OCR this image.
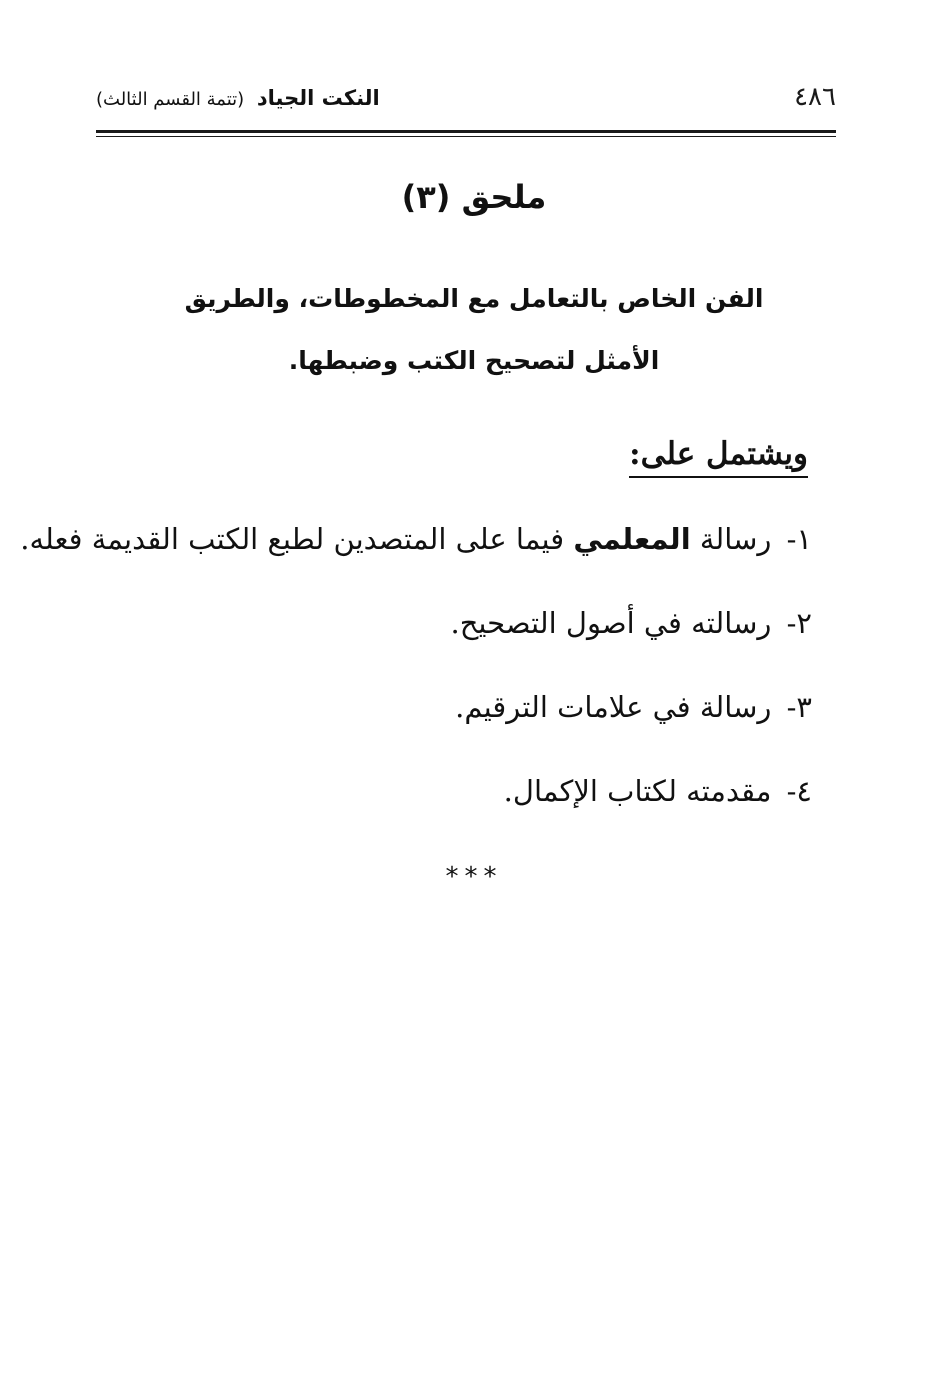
٤٨٦
النكت الجياد (تتمة القسم الثالث)
ملحق (٣)
الفن الخاص بالتعامل مع المخطوطات، والطريق الأمثل لتصحيح الكتب وضبطها.
ويشتمل على:
١- رسالة المعلمي فيما على المتصدين لطبع الكتب القديمة فعله.
٢- رسالته في أصول التصحيح.
٣- رسالة في علامات الترقيم.
٤- مقدمته لكتاب الإكمال.
***
